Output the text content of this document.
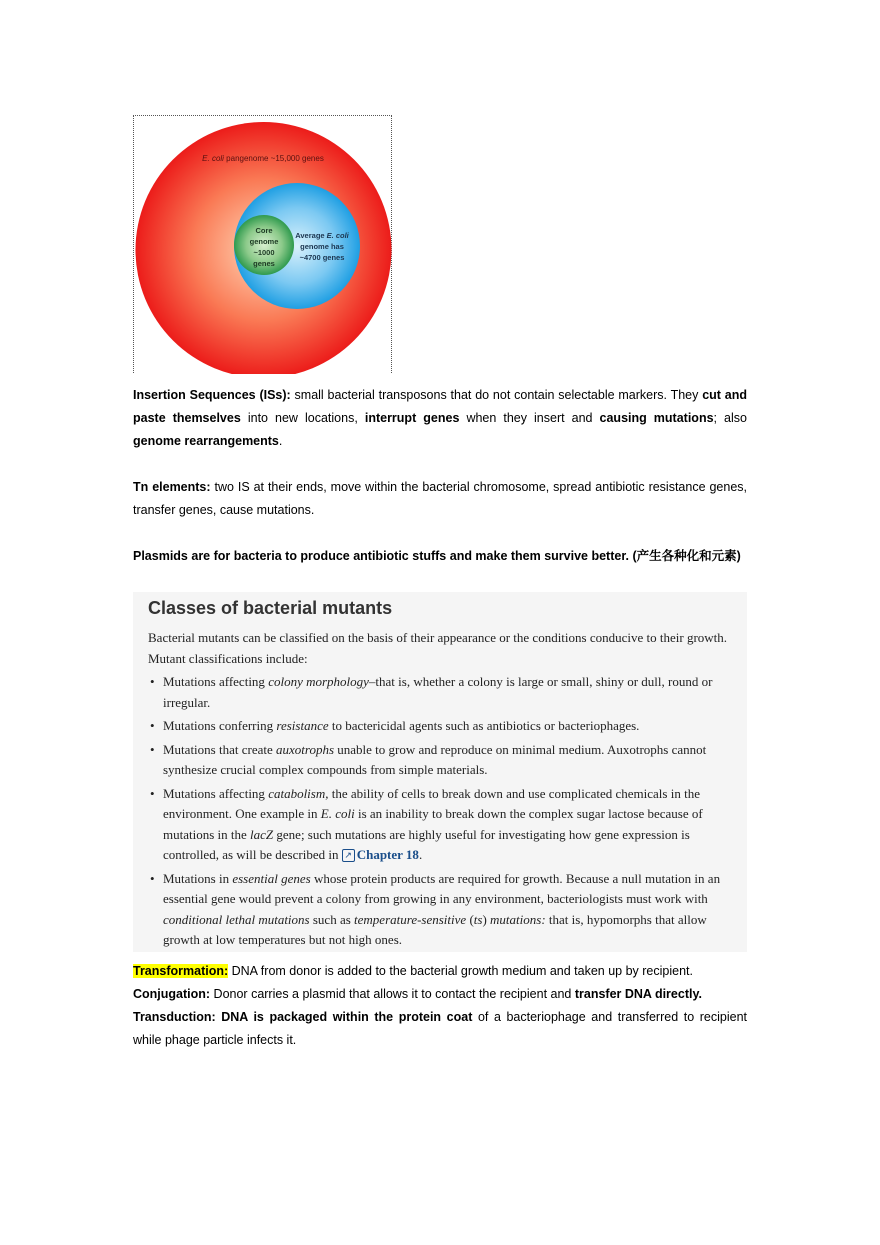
E. coli pangenome ~15,000 genes
Average E. coli
genome has
~4700 genes
Core
genome
~1000
genes
Insertion Sequences (ISs): small bacterial transposons that do not contain selectable markers. They cut and paste themselves into new locations, interrupt genes when they insert and causing mutations; also genome rearrangements.
Tn elements: two IS at their ends, move within the bacterial chromosome, spread antibiotic resistance genes, transfer genes, cause mutations.
Plasmids are for bacteria to produce antibiotic stuffs and make them survive better. (产生各种化和元素)
Classes of bacterial mutants
Bacterial mutants can be classified on the basis of their appearance or the conditions conducive to their growth. Mutant classifications include:
• Mutations affecting colony morphology–that is, whether a colony is large or small, shiny or dull, round or irregular.
• Mutations conferring resistance to bactericidal agents such as antibiotics or bacteriophages.
• Mutations that create auxotrophs unable to grow and reproduce on minimal medium. Auxotrophs cannot synthesize crucial complex compounds from simple materials.
• Mutations affecting catabolism, the ability of cells to break down and use complicated chemicals in the environment. One example in E. coli is an inability to break down the complex sugar lactose because of mutations in the lacZ gene; such mutations are highly useful for investigating how gene expression is controlled, as will be described in ↗ Chapter 18.
• Mutations in essential genes whose protein products are required for growth. Because a null mutation in an essential gene would prevent a colony from growing in any environment, bacteriologists must work with conditional lethal mutations such as temperature-sensitive (ts) mutations: that is, hypomorphs that allow growth at low temperatures but not high ones.
Transformation: DNA from donor is added to the bacterial growth medium and taken up by recipient.
Conjugation: Donor carries a plasmid that allows it to contact the recipient and transfer DNA directly.
Transduction: DNA is packaged within the protein coat of a bacteriophage and transferred to recipient while phage particle infects it.
